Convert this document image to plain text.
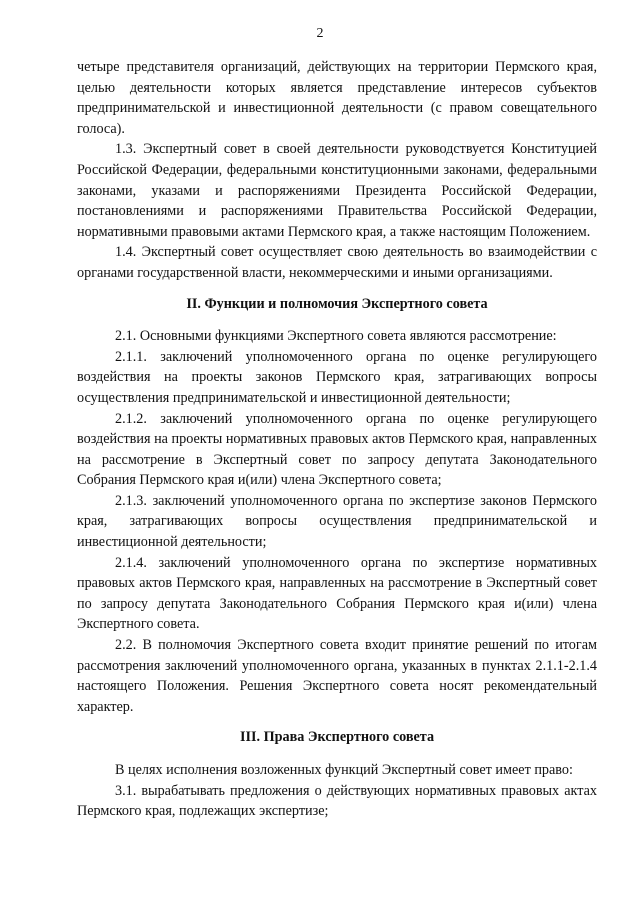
2

четыре представителя организаций, действующих на территории Пермского края, целью деятельности которых является представление интересов субъектов предпринимательской и инвестиционной деятельности (с правом совещательного голоса).

1.3. Экспертный совет в своей деятельности руководствуется Конституцией Российской Федерации, федеральными конституционными законами, федеральными законами, указами и распоряжениями Президента Российской Федерации, постановлениями и распоряжениями Правительства Российской Федерации, нормативными правовыми актами Пермского края, а также настоящим Положением.

1.4. Экспертный совет осуществляет свою деятельность во взаимодействии с органами государственной власти, некоммерческими и иными организациями.

II. Функции и полномочия Экспертного совета

2.1. Основными функциями Экспертного совета являются рассмотрение:

2.1.1. заключений уполномоченного органа по оценке регулирующего воздействия на проекты законов Пермского края, затрагивающих вопросы осуществления предпринимательской и инвестиционной деятельности;

2.1.2. заключений уполномоченного органа по оценке регулирующего воздействия на проекты нормативных правовых актов Пермского края, направленных на рассмотрение в Экспертный совет по запросу депутата Законодательного Собрания Пермского края и(или) члена Экспертного совета;

2.1.3. заключений уполномоченного органа по экспертизе законов Пермского края, затрагивающих вопросы осуществления предпринимательской и инвестиционной деятельности;

2.1.4. заключений уполномоченного органа по экспертизе нормативных правовых актов Пермского края, направленных на рассмотрение в Экспертный совет по запросу депутата Законодательного Собрания Пермского края и(или) члена Экспертного совета.

2.2. В полномочия Экспертного совета входит принятие решений по итогам рассмотрения заключений уполномоченного органа, указанных в пунктах 2.1.1-2.1.4 настоящего Положения. Решения Экспертного совета носят рекомендательный характер.

III. Права Экспертного совета

В целях исполнения возложенных функций Экспертный совет имеет право:

3.1. вырабатывать предложения о действующих нормативных правовых актах Пермского края, подлежащих экспертизе;
